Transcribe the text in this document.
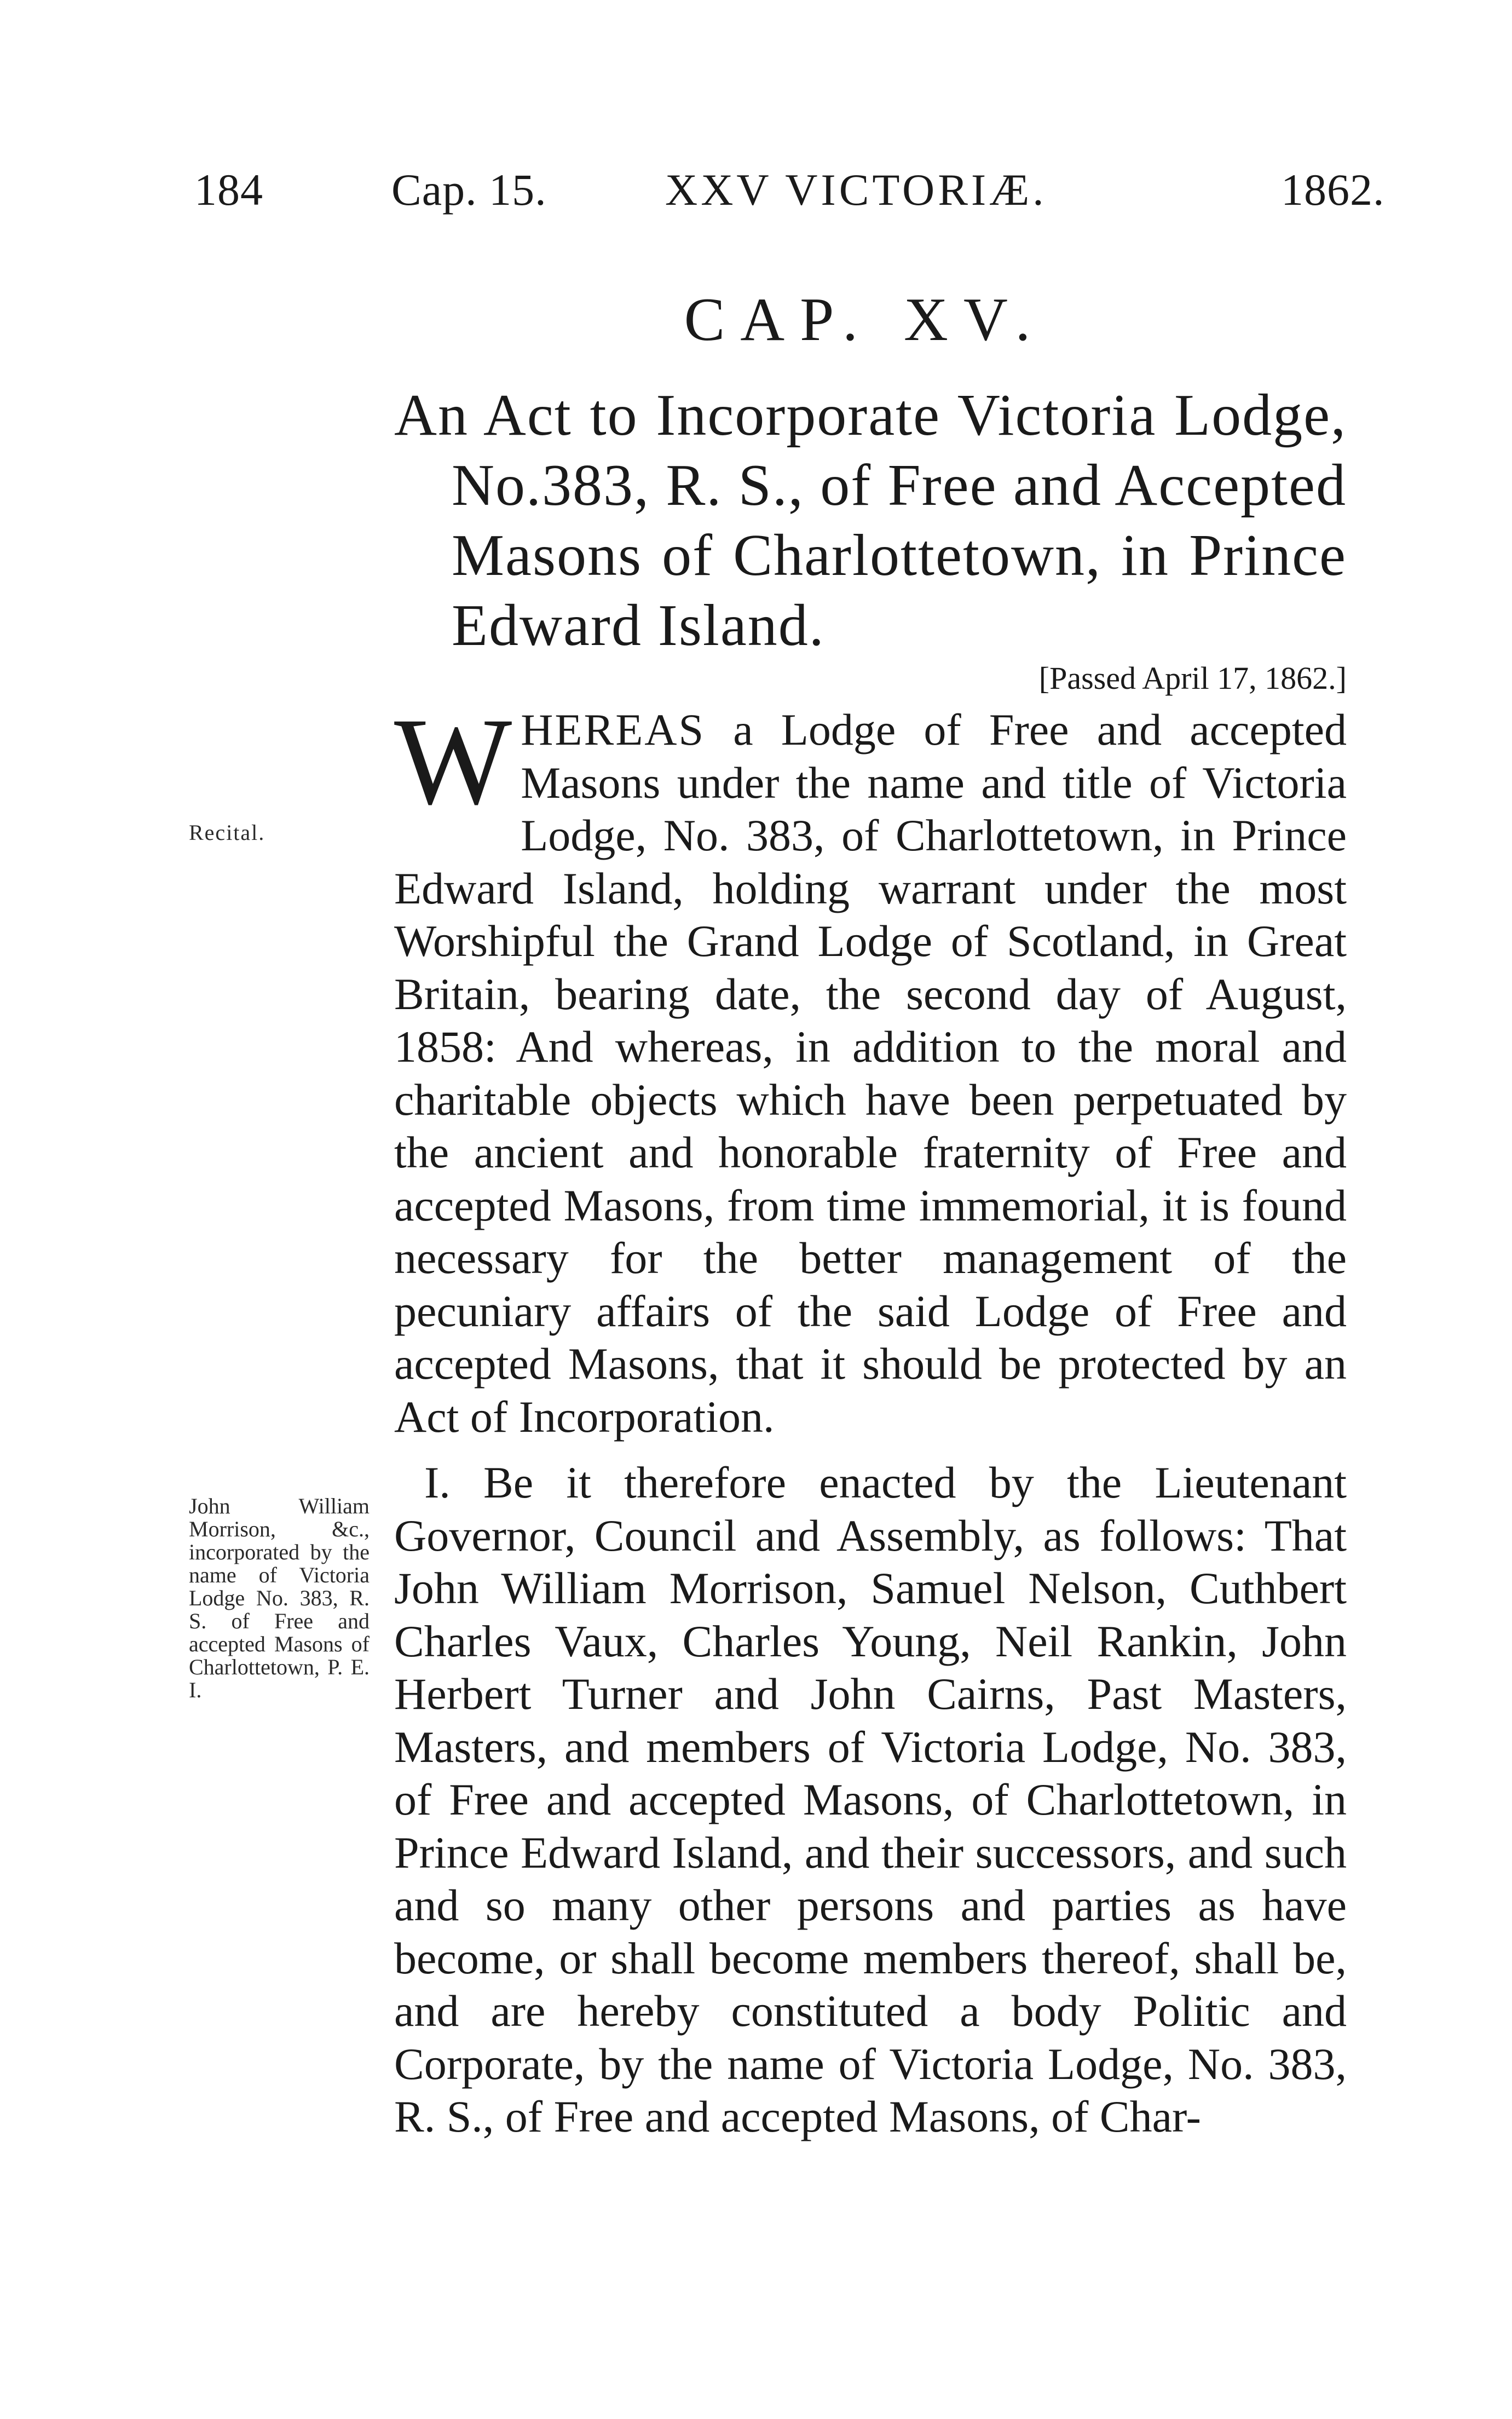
184	Cap. 15.	XXV VICTORIÆ.	1862.
CAP. XV.
An Act to Incorporate Victoria Lodge, No.383, R. S., of Free and Accepted Masons of Charlottetown, in Prince Edward Island.
[Passed April 17, 1862.]
Recital.

WHEREAS a Lodge of Free and accepted Masons under the name and title of Victoria Lodge, No. 383, of Charlottetown, in Prince Edward Island, holding warrant under the most Worshipful the Grand Lodge of Scotland, in Great Britain, bearing date, the second day of August, 1858: And whereas, in addition to the moral and charitable objects which have been perpetuated by the ancient and honorable fraternity of Free and accepted Masons, from time immemorial, it is found necessary for the better management of the pecuniary affairs of the said Lodge of Free and accepted Masons, that it should be protected by an Act of Incorporation.

John William Morrison, &c., incorporated by the name of Victoria Lodge No. 383, R. S. of Free and accepted Masons of Charlottetown, P. E. I.

I. Be it therefore enacted by the Lieutenant Governor, Council and Assembly, as follows: That John William Morrison, Samuel Nelson, Cuthbert Charles Vaux, Charles Young, Neil Rankin, John Herbert Turner and John Cairns, Past Masters, Masters, and members of Victoria Lodge, No. 383, of Free and accepted Masons, of Charlottetown, in Prince Edward Island, and their successors, and such and so many other persons and parties as have become, or shall become members thereof, shall be, and are hereby constituted a body Politic and Corporate, by the name of Victoria Lodge, No. 383, R. S., of Free and accepted Masons, of Char-
